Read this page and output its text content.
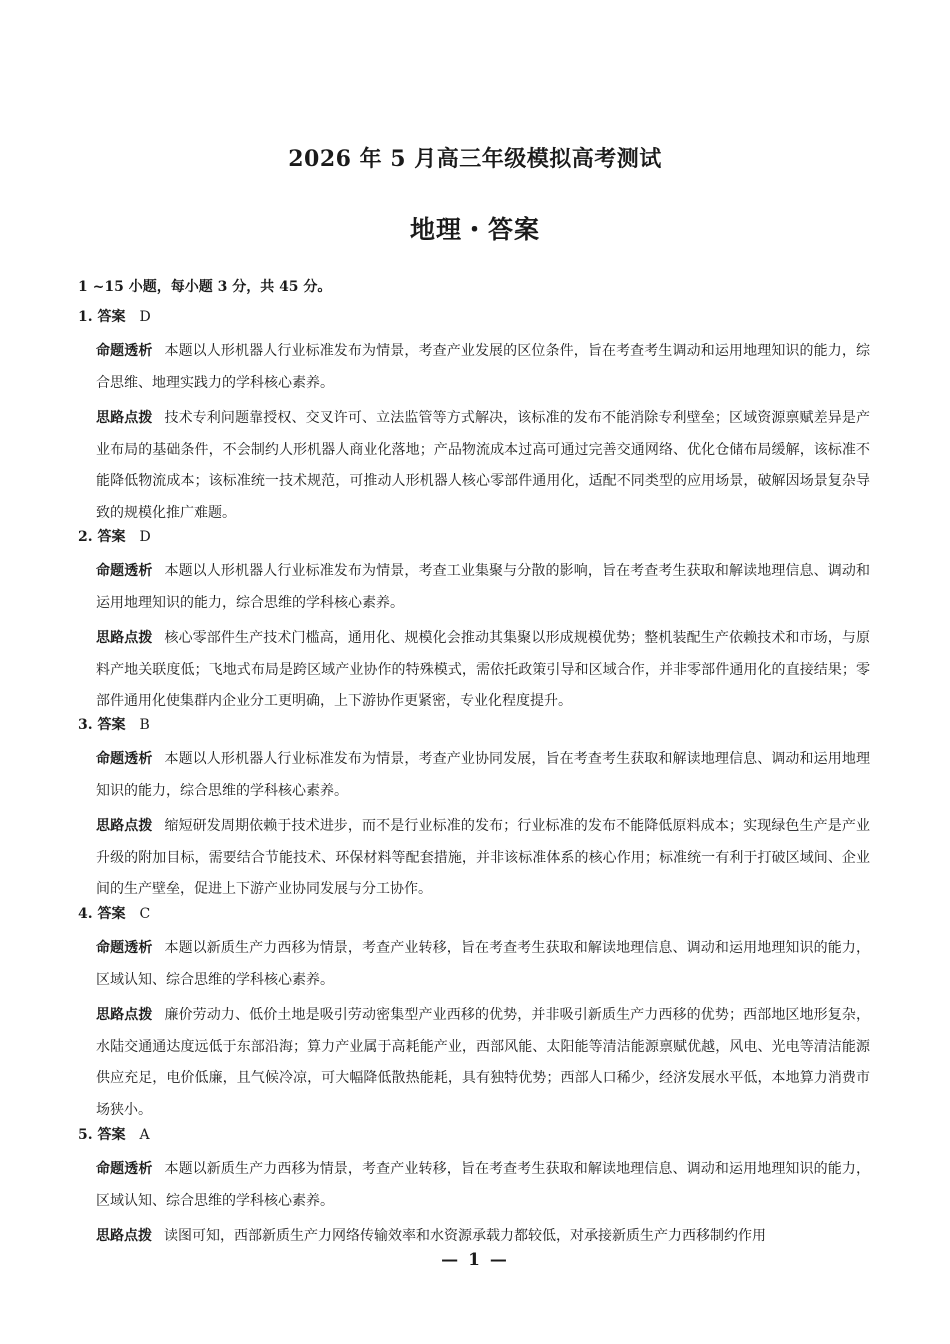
2026 年 5 月高三年级模拟高考测试
地理・答案
1 ~15 小题，每小题 3 分，共 45 分。
1. 答案 D
命题透析 本题以人形机器人行业标准发布为情景，考查产业发展的区位条件，旨在考查考生调动和运用地理知识的能力，综合思维、地理实践力的学科核心素养。
思路点拨 技术专利问题靠授权、交叉许可、立法监管等方式解决，该标准的发布不能消除专利壁垒；区域资源禀赋差异是产业布局的基础条件，不会制约人形机器人商业化落地；产品物流成本过高可通过完善交通网络、优化仓储布局缓解，该标准不能降低物流成本；该标准统一技术规范，可推动人形机器人核心零部件通用化，适配不同类型的应用场景，破解因场景复杂导致的规模化推广难题。
2. 答案 D
命题透析 本题以人形机器人行业标准发布为情景，考查工业集聚与分散的影响，旨在考查考生获取和解读地理信息、调动和运用地理知识的能力，综合思维的学科核心素养。
思路点拨 核心零部件生产技术门槛高，通用化、规模化会推动其集聚以形成规模优势；整机装配生产依赖技术和市场，与原料产地关联度低；飞地式布局是跨区域产业协作的特殊模式，需依托政策引导和区域合作，并非零部件通用化的直接结果；零部件通用化使集群内企业分工更明确，上下游协作更紧密，专业化程度提升。
3. 答案 B
命题透析 本题以人形机器人行业标准发布为情景，考查产业协同发展，旨在考查考生获取和解读地理信息、调动和运用地理知识的能力，综合思维的学科核心素养。
思路点拨 缩短研发周期依赖于技术进步，而不是行业标准的发布；行业标准的发布不能降低原料成本；实现绿色生产是产业升级的附加目标，需要结合节能技术、环保材料等配套措施，并非该标准体系的核心作用；标准统一有利于打破区域间、企业间的生产壁垒，促进上下游产业协同发展与分工协作。
4. 答案 C
命题透析 本题以新质生产力西移为情景，考查产业转移，旨在考查考生获取和解读地理信息、调动和运用地理知识的能力，区域认知、综合思维的学科核心素养。
思路点拨 廉价劳动力、低价土地是吸引劳动密集型产业西移的优势，并非吸引新质生产力西移的优势；西部地区地形复杂，水陆交通通达度远低于东部沿海；算力产业属于高耗能产业，西部风能、太阳能等清洁能源禀赋优越，风电、光电等清洁能源供应充足，电价低廉，且气候冷凉，可大幅降低散热能耗，具有独特优势；西部人口稀少，经济发展水平低，本地算力消费市场狭小。
5. 答案 A
命题透析 本题以新质生产力西移为情景，考查产业转移，旨在考查考生获取和解读地理信息、调动和运用地理知识的能力，区域认知、综合思维的学科核心素养。
思路点拨 读图可知，西部新质生产力网络传输效率和水资源承载力都较低，对承接新质生产力西移制约作用
— 1 —
